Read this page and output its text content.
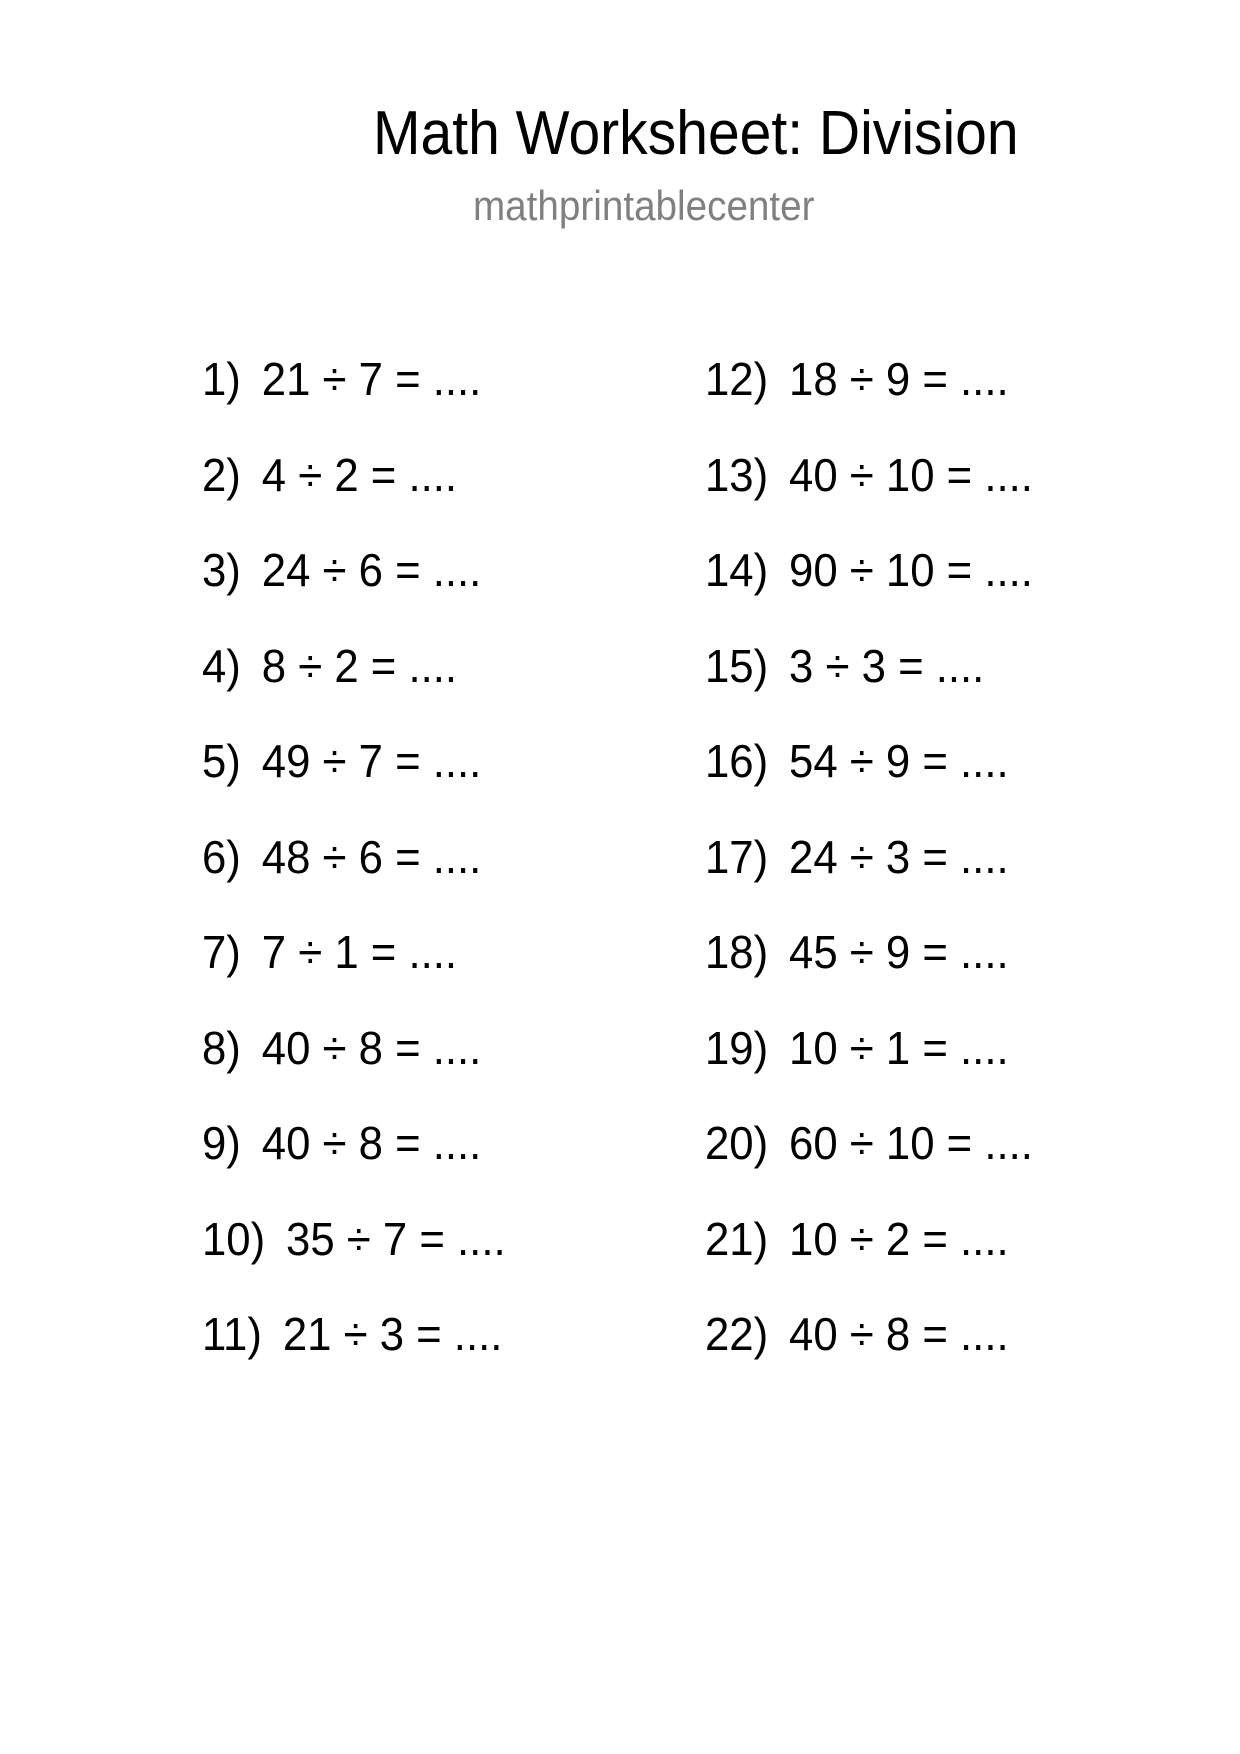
Math Worksheet: Division
mathprintablecenter
1) 21 ÷ 7 = ....
2) 4 ÷ 2 = ....
3) 24 ÷ 6 = ....
4) 8 ÷ 2 = ....
5) 49 ÷ 7 = ....
6) 48 ÷ 6 = ....
7) 7 ÷ 1 = ....
8) 40 ÷ 8 = ....
9) 40 ÷ 8 = ....
10) 35 ÷ 7 = ....
11) 21 ÷ 3 = ....
12) 18 ÷ 9 = ....
13) 40 ÷ 10 = ....
14) 90 ÷ 10 = ....
15) 3 ÷ 3 = ....
16) 54 ÷ 9 = ....
17) 24 ÷ 3 = ....
18) 45 ÷ 9 = ....
19) 10 ÷ 1 = ....
20) 60 ÷ 10 = ....
21) 10 ÷ 2 = ....
22) 40 ÷ 8 = ....
